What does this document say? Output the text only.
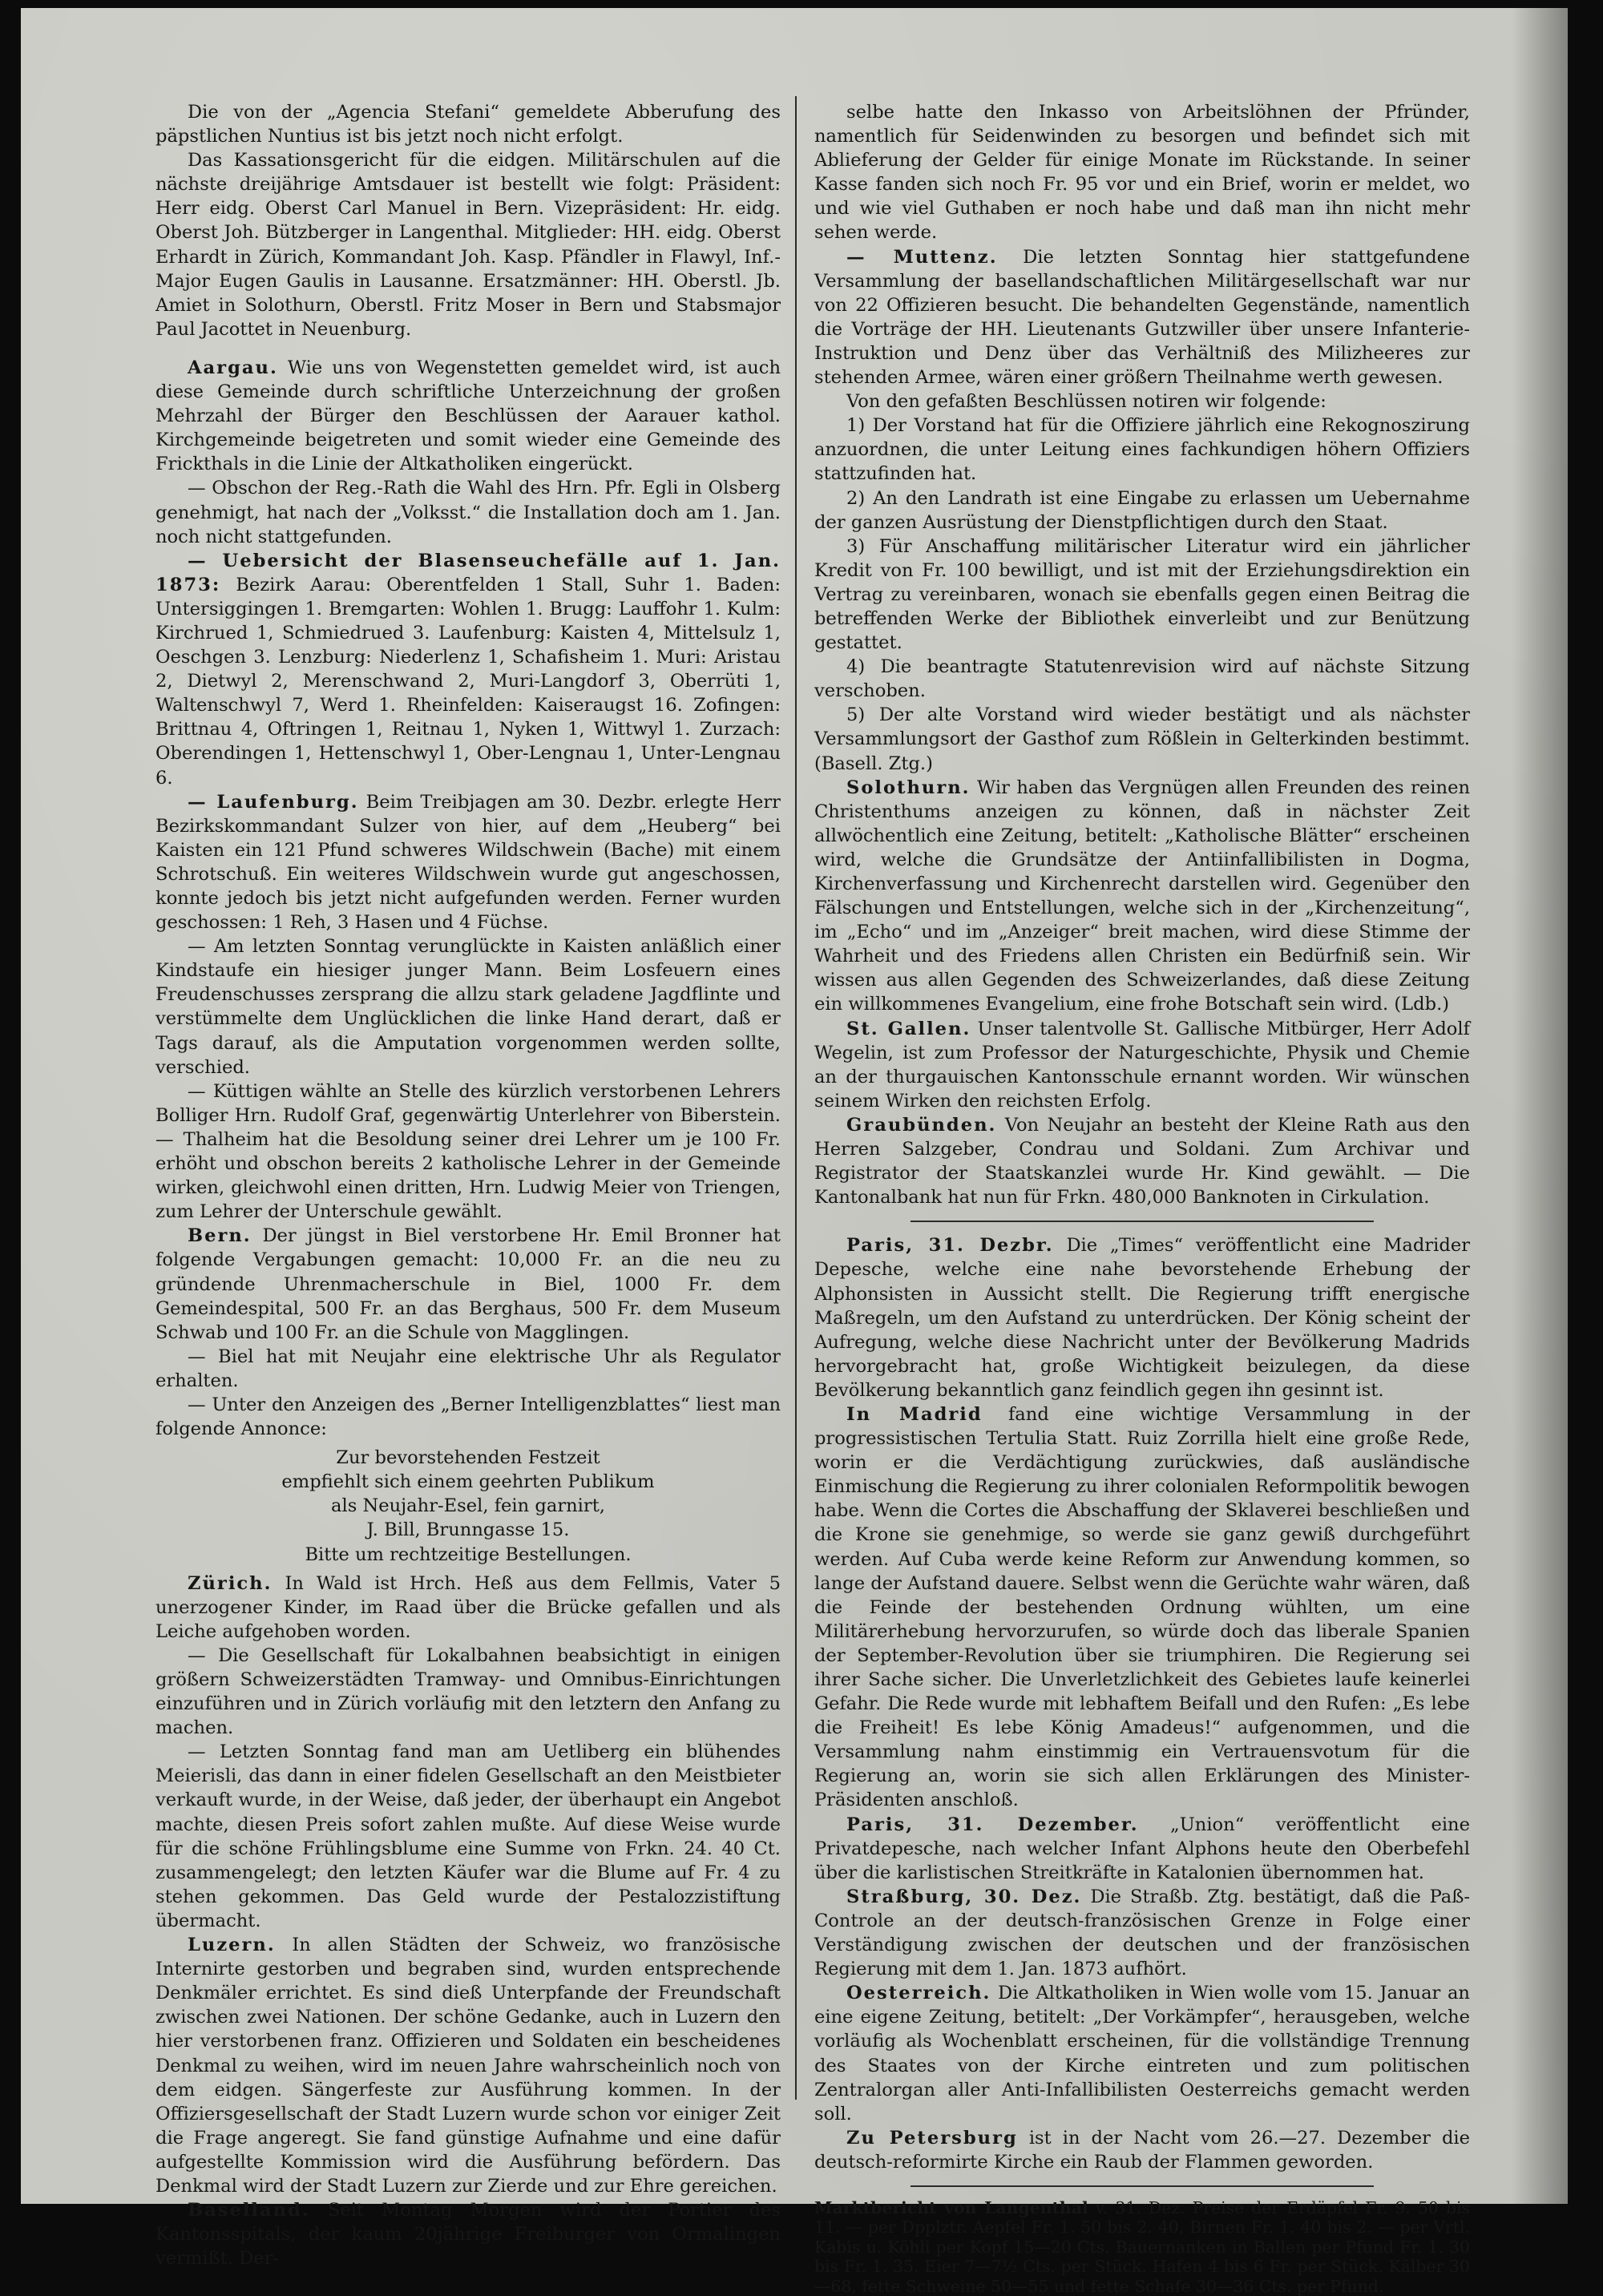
Die von der „Agencia Stefani“ gemeldete Abberufung des päpstlichen Nuntius ist bis jetzt noch nicht erfolgt.

Das Kassationsgericht für die eidgen. Militärschulen auf die nächste dreijährige Amtsdauer ist bestellt wie folgt: Präsident: Herr eidg. Oberst Carl Manuel in Bern. Vizepräsident: Hr. eidg. Oberst Joh. Bützberger in Langenthal. Mitglieder: HH. eidg. Oberst Erhardt in Zürich, Kommandant Joh. Kasp. Pfändler in Flawyl, Inf.-Major Eugen Gaulis in Lausanne. Ersatzmänner: HH. Oberstl. Jb. Amiet in Solothurn, Oberstl. Fritz Moser in Bern und Stabsmajor Paul Jacottet in Neuenburg.

Aargau. Wie uns von Wegenstetten gemeldet wird, ist auch diese Gemeinde durch schriftliche Unterzeichnung der großen Mehrzahl der Bürger den Beschlüssen der Aarauer kathol. Kirchgemeinde beigetreten und somit wieder eine Gemeinde des Frickthals in die Linie der Altkatholiken eingerückt.

— Obschon der Reg.-Rath die Wahl des Hrn. Pfr. Egli in Olsberg genehmigt, hat nach der „Volksst.“ die Installation doch am 1. Jan. noch nicht stattgefunden.

— Uebersicht der Blasenseuchefälle auf 1. Jan. 1873: Bezirk Aarau: Oberentfelden 1 Stall, Suhr 1. Baden: Untersiggingen 1. Bremgarten: Wohlen 1. Brugg: Lauffohr 1. Kulm: Kirchrued 1, Schmiedrued 3. Laufenburg: Kaisten 4, Mittelsulz 1, Oeschgen 3. Lenzburg: Niederlenz 1, Schafisheim 1. Muri: Aristau 2, Dietwyl 2, Merenschwand 2, Muri-Langdorf 3, Oberrüti 1, Waltenschwyl 7, Werd 1. Rheinfelden: Kaiseraugst 16. Zofingen: Brittnau 4, Oftringen 1, Reitnau 1, Nyken 1, Wittwyl 1. Zurzach: Oberendingen 1, Hettenschwyl 1, Ober-Lengnau 1, Unter-Lengnau 6.

— Laufenburg. Beim Treibjagen am 30. Dezbr. erlegte Herr Bezirkskommandant Sulzer von hier, auf dem „Heuberg“ bei Kaisten ein 121 Pfund schweres Wildschwein (Bache) mit einem Schrotschuß. Ein weiteres Wildschwein wurde gut angeschossen, konnte jedoch bis jetzt nicht aufgefunden werden. Ferner wurden geschossen: 1 Reh, 3 Hasen und 4 Füchse.

— Am letzten Sonntag verunglückte in Kaisten anläßlich einer Kindstaufe ein hiesiger junger Mann. Beim Losfeuern eines Freudenschusses zersprang die allzu stark geladene Jagdflinte und verstümmelte dem Unglücklichen die linke Hand derart, daß er Tags darauf, als die Amputation vorgenommen werden sollte, verschied.

— Küttigen wählte an Stelle des kürzlich verstorbenen Lehrers Bolliger Hrn. Rudolf Graf, gegenwärtig Unterlehrer von Biberstein. — Thalheim hat die Besoldung seiner drei Lehrer um je 100 Fr. erhöht und obschon bereits 2 katholische Lehrer in der Gemeinde wirken, gleichwohl einen dritten, Hrn. Ludwig Meier von Triengen, zum Lehrer der Unterschule gewählt.

Bern. Der jüngst in Biel verstorbene Hr. Emil Bronner hat folgende Vergabungen gemacht: 10,000 Fr. an die neu zu gründende Uhrenmacherschule in Biel, 1000 Fr. dem Gemeindespital, 500 Fr. an das Berghaus, 500 Fr. dem Museum Schwab und 100 Fr. an die Schule von Magglingen.

— Biel hat mit Neujahr eine elektrische Uhr als Regulator erhalten.

— Unter den Anzeigen des „Berner Intelligenzblattes“ liest man folgende Annonce:

Zur bevorstehenden Festzeit
empfiehlt sich einem geehrten Publikum
als Neujahr-Esel, fein garnirt,
J. Bill, Brunngasse 15.
Bitte um rechtzeitige Bestellungen.

Zürich. In Wald ist Hrch. Heß aus dem Fellmis, Vater 5 unerzogener Kinder, im Raad über die Brücke gefallen und als Leiche aufgehoben worden.

— Die Gesellschaft für Lokalbahnen beabsichtigt in einigen größern Schweizerstädten Tramway- und Omnibus-Einrichtungen einzuführen und in Zürich vorläufig mit den letztern den Anfang zu machen.

— Letzten Sonntag fand man am Uetliberg ein blühendes Meierisli, das dann in einer fidelen Gesellschaft an den Meistbieter verkauft wurde, in der Weise, daß jeder, der überhaupt ein Angebot machte, diesen Preis sofort zahlen mußte. Auf diese Weise wurde für die schöne Frühlingsblume eine Summe von Frkn. 24. 40 Ct. zusammengelegt; den letzten Käufer war die Blume auf Fr. 4 zu stehen gekommen. Das Geld wurde der Pestalozzistiftung übermacht.

Luzern. In allen Städten der Schweiz, wo französische Internirte gestorben und begraben sind, wurden entsprechende Denkmäler errichtet. Es sind dieß Unterpfande der Freundschaft zwischen zwei Nationen. Der schöne Gedanke, auch in Luzern den hier verstorbenen franz. Offizieren und Soldaten ein bescheidenes Denkmal zu weihen, wird im neuen Jahre wahrscheinlich noch von dem eidgen. Sängerfeste zur Ausführung kommen. In der Offiziersgesellschaft der Stadt Luzern wurde schon vor einiger Zeit die Frage angeregt. Sie fand günstige Aufnahme und eine dafür aufgestellte Kommission wird die Ausführung befördern. Das Denkmal wird der Stadt Luzern zur Zierde und zur Ehre gereichen.

Baselland. Seit Montag Morgen wird der Portier des Kantonsspitals, der kaum 20jährige Freiburger von Ormalingen vermißt. Der-

selbe hatte den Inkasso von Arbeitslöhnen der Pfründer, namentlich für Seidenwinden zu besorgen und befindet sich mit Ablieferung der Gelder für einige Monate im Rückstande. In seiner Kasse fanden sich noch Fr. 95 vor und ein Brief, worin er meldet, wo und wie viel Guthaben er noch habe und daß man ihn nicht mehr sehen werde.

— Muttenz. Die letzten Sonntag hier stattgefundene Versammlung der basellandschaftlichen Militärgesellschaft war nur von 22 Offizieren besucht. Die behandelten Gegenstände, namentlich die Vorträge der HH. Lieutenants Gutzwiller über unsere Infanterie-Instruktion und Denz über das Verhältniß des Milizheeres zur stehenden Armee, wären einer größern Theilnahme werth gewesen.

Von den gefaßten Beschlüssen notiren wir folgende:

1) Der Vorstand hat für die Offiziere jährlich eine Rekognoszirung anzuordnen, die unter Leitung eines fachkundigen höhern Offiziers stattzufinden hat.

2) An den Landrath ist eine Eingabe zu erlassen um Uebernahme der ganzen Ausrüstung der Dienstpflichtigen durch den Staat.

3) Für Anschaffung militärischer Literatur wird ein jährlicher Kredit von Fr. 100 bewilligt, und ist mit der Erziehungsdirektion ein Vertrag zu vereinbaren, wonach sie ebenfalls gegen einen Beitrag die betreffenden Werke der Bibliothek einverleibt und zur Benützung gestattet.

4) Die beantragte Statutenrevision wird auf nächste Sitzung verschoben.

5) Der alte Vorstand wird wieder bestätigt und als nächster Versammlungsort der Gasthof zum Rößlein in Gelterkinden bestimmt. (Basell. Ztg.)

Solothurn. Wir haben das Vergnügen allen Freunden des reinen Christenthums anzeigen zu können, daß in nächster Zeit allwöchentlich eine Zeitung, betitelt: „Katholische Blätter“ erscheinen wird, welche die Grundsätze der Antiinfallibilisten in Dogma, Kirchenverfassung und Kirchenrecht darstellen wird. Gegenüber den Fälschungen und Entstellungen, welche sich in der „Kirchenzeitung“, im „Echo“ und im „Anzeiger“ breit machen, wird diese Stimme der Wahrheit und des Friedens allen Christen ein Bedürfniß sein. Wir wissen aus allen Gegenden des Schweizerlandes, daß diese Zeitung ein willkommenes Evangelium, eine frohe Botschaft sein wird. (Ldb.)

St. Gallen. Unser talentvolle St. Gallische Mitbürger, Herr Adolf Wegelin, ist zum Professor der Naturgeschichte, Physik und Chemie an der thurgauischen Kantonsschule ernannt worden. Wir wünschen seinem Wirken den reichsten Erfolg.

Graubünden. Von Neujahr an besteht der Kleine Rath aus den Herren Salzgeber, Condrau und Soldani. Zum Archivar und Registrator der Staatskanzlei wurde Hr. Kind gewählt. — Die Kantonalbank hat nun für Frkn. 480,000 Banknoten in Cirkulation.

Paris, 31. Dezbr. Die „Times“ veröffentlicht eine Madrider Depesche, welche eine nahe bevorstehende Erhebung der Alphonsisten in Aussicht stellt. Die Regierung trifft energische Maßregeln, um den Aufstand zu unterdrücken. Der König scheint der Aufregung, welche diese Nachricht unter der Bevölkerung Madrids hervorgebracht hat, große Wichtigkeit beizulegen, da diese Bevölkerung bekanntlich ganz feindlich gegen ihn gesinnt ist.

In Madrid fand eine wichtige Versammlung in der progressistischen Tertulia Statt. Ruiz Zorrilla hielt eine große Rede, worin er die Verdächtigung zurückwies, daß ausländische Einmischung die Regierung zu ihrer colonialen Reformpolitik bewogen habe. Wenn die Cortes die Abschaffung der Sklaverei beschließen und die Krone sie genehmige, so werde sie ganz gewiß durchgeführt werden. Auf Cuba werde keine Reform zur Anwendung kommen, so lange der Aufstand dauere. Selbst wenn die Gerüchte wahr wären, daß die Feinde der bestehenden Ordnung wühlten, um eine Militärerhebung hervorzurufen, so würde doch das liberale Spanien der September-Revolution über sie triumphiren. Die Regierung sei ihrer Sache sicher. Die Unverletzlichkeit des Gebietes laufe keinerlei Gefahr. Die Rede wurde mit lebhaftem Beifall und den Rufen: „Es lebe die Freiheit! Es lebe König Amadeus!“ aufgenommen, und die Versammlung nahm einstimmig ein Vertrauensvotum für die Regierung an, worin sie sich allen Erklärungen des Minister-Präsidenten anschloß.

Paris, 31. Dezember. „Union“ veröffentlicht eine Privatdepesche, nach welcher Infant Alphons heute den Oberbefehl über die karlistischen Streitkräfte in Katalonien übernommen hat.

Straßburg, 30. Dez. Die Straßb. Ztg. bestätigt, daß die Paß-Controle an der deutsch-französischen Grenze in Folge einer Verständigung zwischen der deutschen und der französischen Regierung mit dem 1. Jan. 1873 aufhört.

Oesterreich. Die Altkatholiken in Wien wolle vom 15. Januar an eine eigene Zeitung, betitelt: „Der Vorkämpfer“, herausgeben, welche vorläufig als Wochenblatt erscheinen, für die vollständige Trennung des Staates von der Kirche eintreten und zum politischen Zentralorgan aller Anti-Infallibilisten Oesterreichs gemacht werden soll.

Zu Petersburg ist in der Nacht vom 26.—27. Dezember die deutsch-reformirte Kirche ein Raub der Flammen geworden.

Marktbericht von Langenthal v. 31. Dez. Preise der Erdäpfel Fr. 9. 50 bis 11. — per Dpplztr. Aepfel Fr. 1. 50 bis 2. 40, Birnen Fr. 1. 40 bis 2. — per Vrtl. Kabis u. Köhli per Kopf 15—20 Cts. Bauernanken in Ballen per Pfund Fr. 1. 30 bis Fr. 1. 35. Eier 7—7½ Cts. per Stück. Hafen 4 bis 6 Fr. per Stück. Kälber 30—68, fette Schweine 50—55 und fette Schafe 30—36 Cts. per Pfund.
